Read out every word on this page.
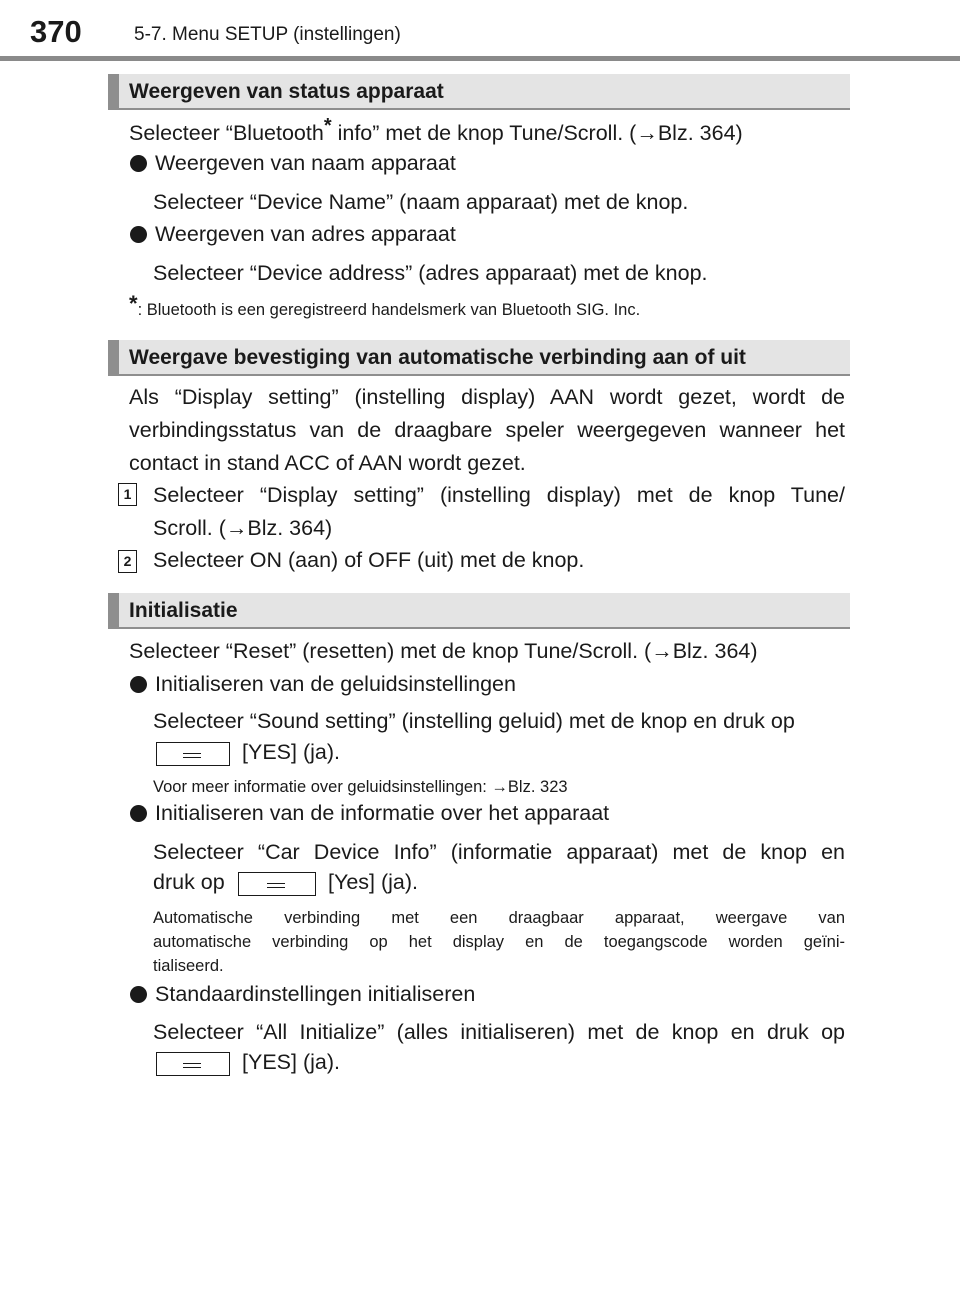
370	5-7. Menu SETUP (instellingen)
Weergeven van status apparaat
Selecteer “Bluetooth* info” met de knop Tune/Scroll. (→Blz. 364)
Weergeven van naam apparaat
Selecteer “Device Name” (naam apparaat) met de knop.
Weergeven van adres apparaat
Selecteer “Device address” (adres apparaat) met de knop.
*: Bluetooth is een geregistreerd handelsmerk van Bluetooth SIG. Inc.
Weergave bevestiging van automatische verbinding aan of uit
Als “Display setting” (instelling display) AAN wordt gezet, wordt de
verbindingsstatus van de draagbare speler weergegeven wanneer het
contact in stand ACC of AAN wordt gezet.
1 Selecteer “Display setting” (instelling display) met de knop Tune/
Scroll. (→Blz. 364)
2 Selecteer ON (aan) of OFF (uit) met de knop.
Initialisatie
Selecteer “Reset” (resetten) met de knop Tune/Scroll. (→Blz. 364)
Initialiseren van de geluidsinstellingen
Selecteer “Sound setting” (instelling geluid) met de knop en druk op
[YES] (ja).
Voor meer informatie over geluidsinstellingen: →Blz. 323
Initialiseren van de informatie over het apparaat
Selecteer “Car Device Info” (informatie apparaat) met de knop en
druk op	[Yes] (ja).
Automatische verbinding met een draagbaar apparaat, weergave van
automatische verbinding op het display en de toegangscode worden geïni-
tialiseerd.
Standaardinstellingen initialiseren
Selecteer “All Initialize” (alles initialiseren) met de knop en druk op
[YES] (ja).
